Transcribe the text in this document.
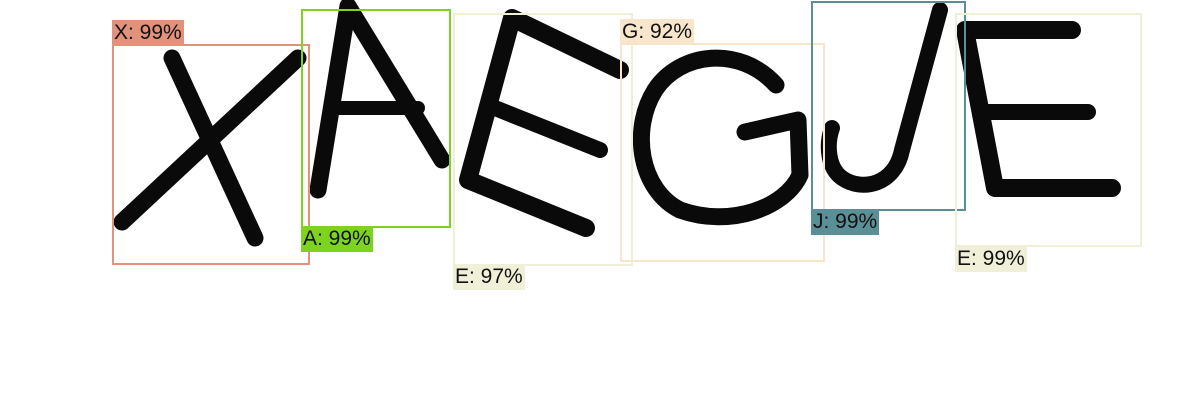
X: 99%
A: 99%
E: 97%
G: 92%
J: 99%
E: 99%
